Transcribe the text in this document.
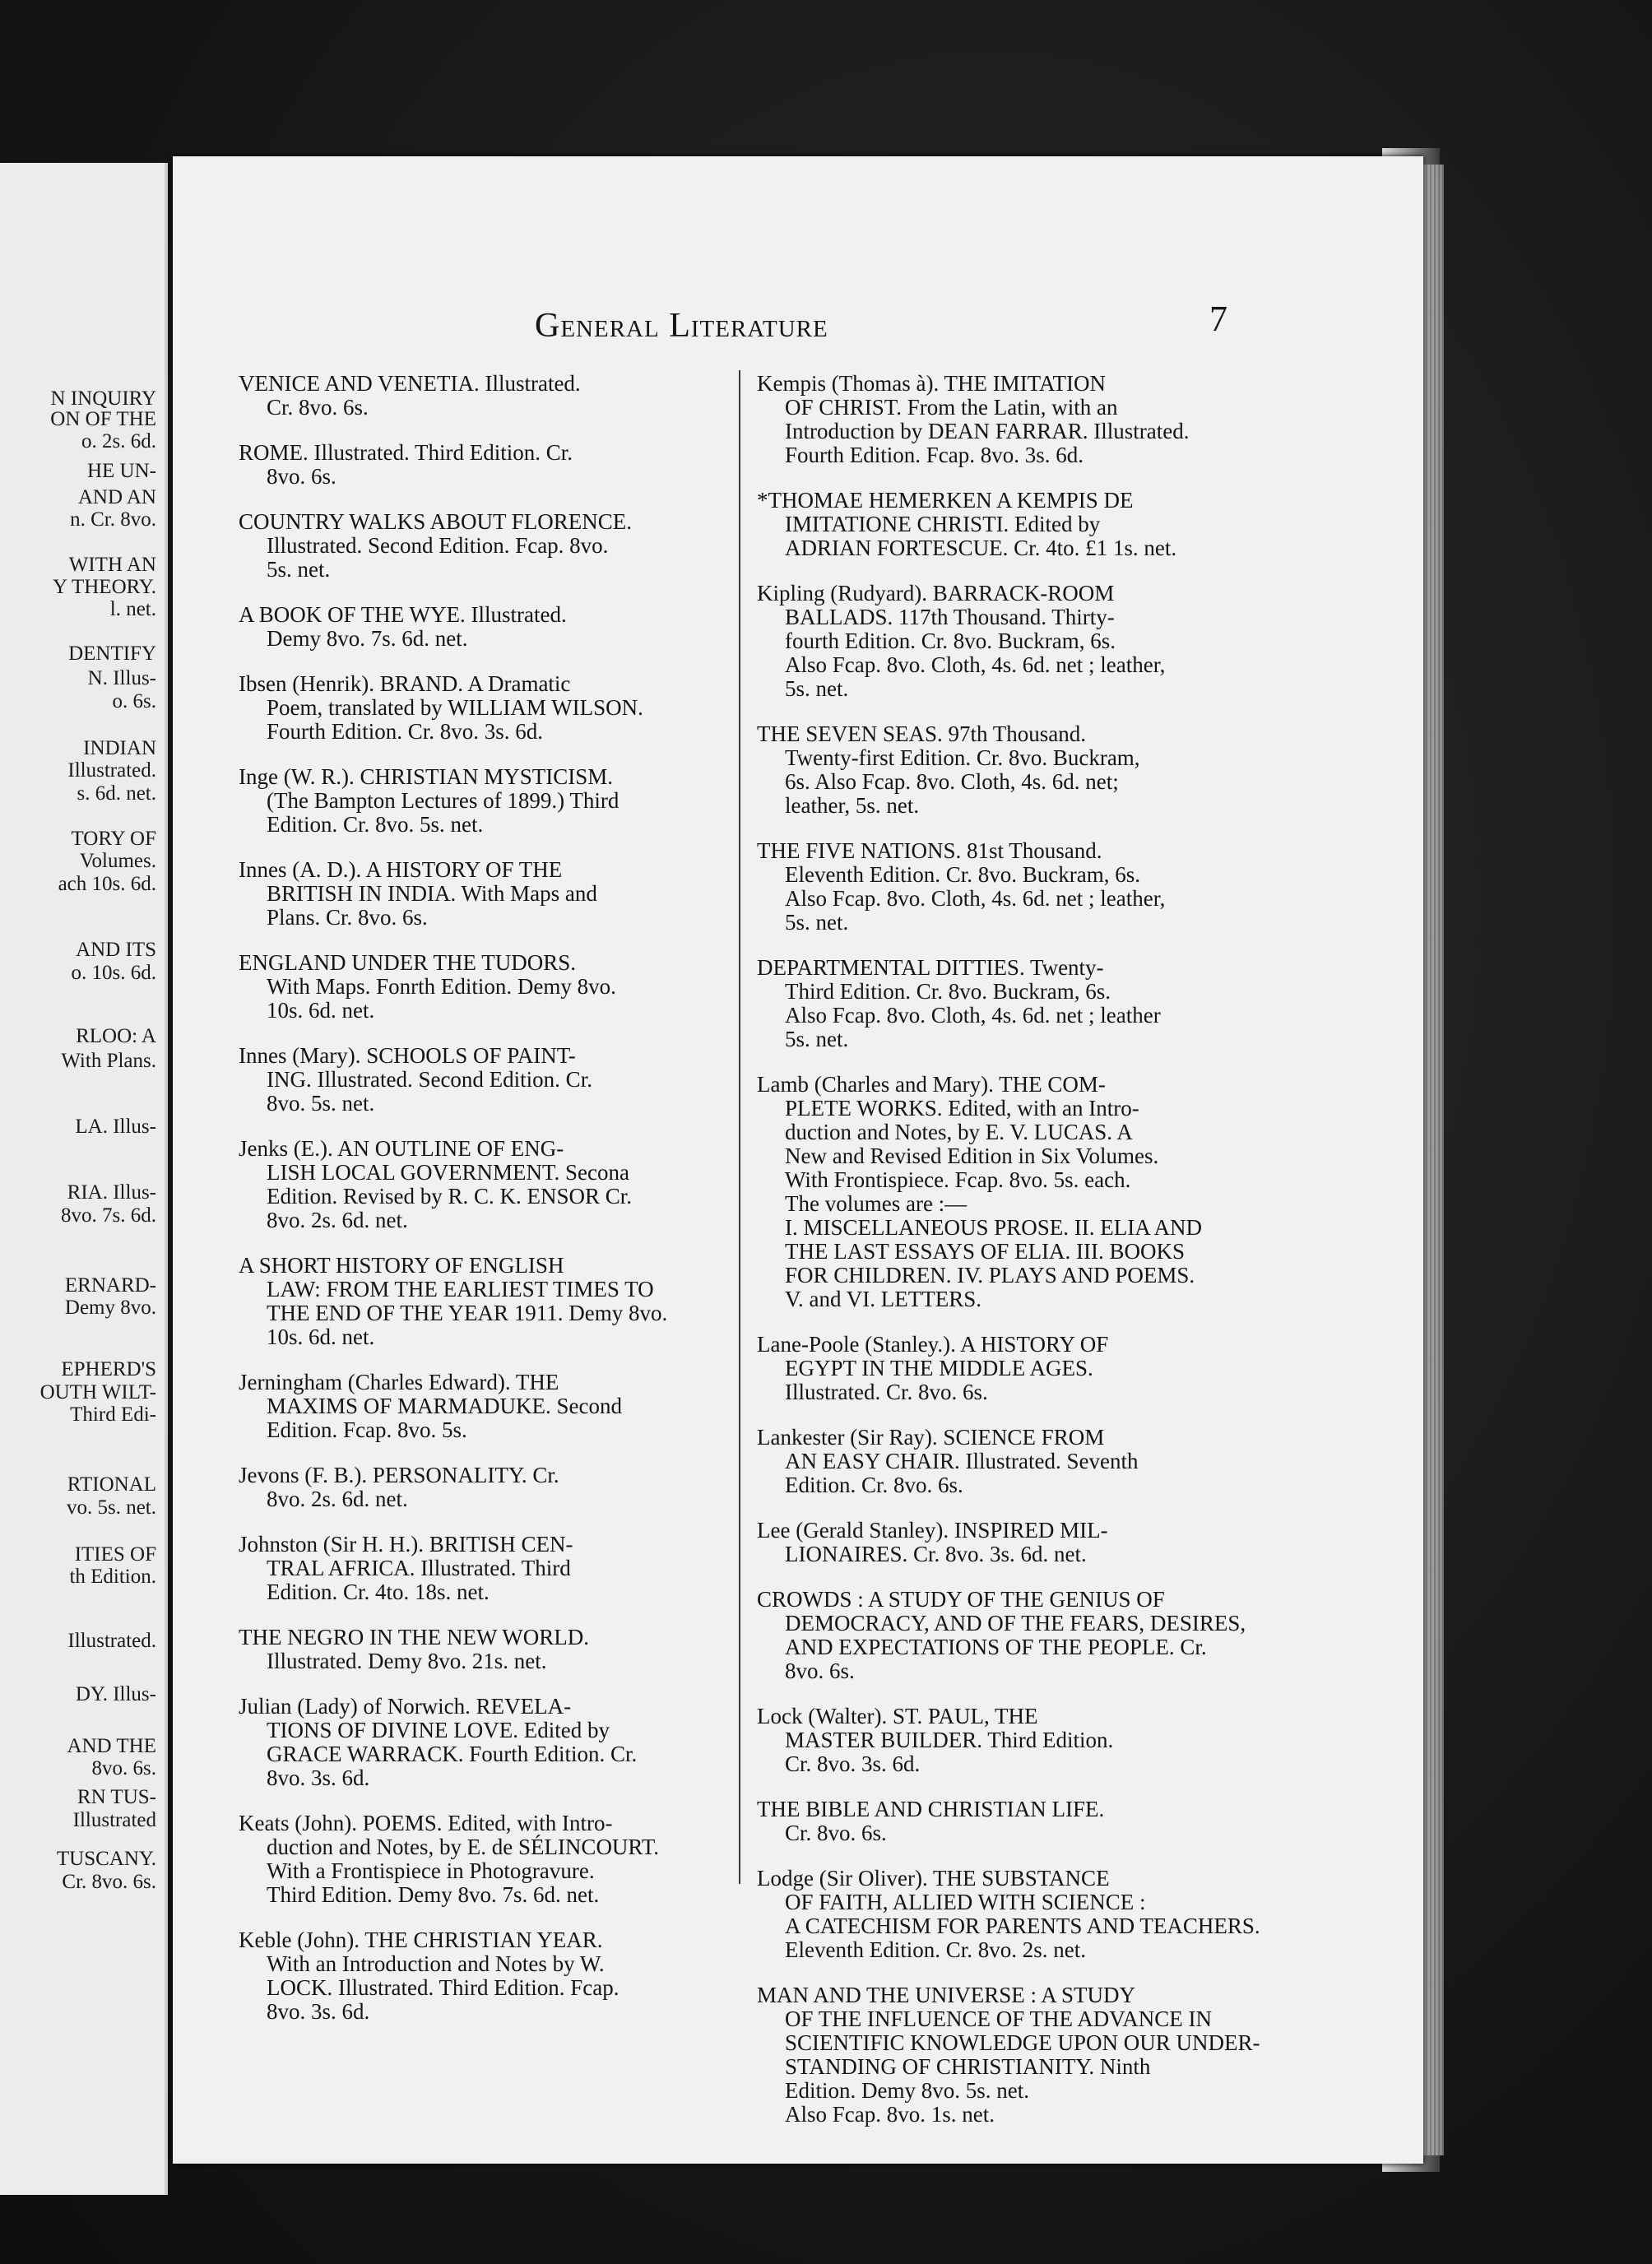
N INQUIRY
ON OF THE
o. 2s. 6d.
HE UN-
AND AN
n. Cr. 8vo.
WITH AN
Y THEORY.
l. net.
DENTIFY
N. Illus-
o. 6s.
INDIAN
Illustrated.
s. 6d. net.
TORY OF
Volumes.
ach 10s. 6d.
AND ITS
o. 10s. 6d.
RLOO: A
With Plans.
LA. Illus-
RIA. Illus-
8vo. 7s. 6d.
ERNARD-
Demy 8vo.
EPHERD'S
OUTH WILT-
Third Edi-
RTIONAL
vo. 5s. net.
ITIES OF
th Edition.
Illustrated.
DY. Illus-
AND THE
8vo. 6s.
RN TUS-
Illustrated
TUSCANY.
Cr. 8vo. 6s.
General Literature	7
VENICE AND VENETIA. Illustrated.
Cr. 8vo. 6s.
ROME. Illustrated. Third Edition. Cr.
8vo. 6s.
COUNTRY WALKS ABOUT FLORENCE.
Illustrated. Second Edition. Fcap. 8vo.
5s. net.
A BOOK OF THE WYE. Illustrated.
Demy 8vo. 7s. 6d. net.
Ibsen (Henrik). BRAND. A Dramatic
Poem, translated by WILLIAM WILSON.
Fourth Edition. Cr. 8vo. 3s. 6d.
Inge (W. R.). CHRISTIAN MYSTICISM.
(The Bampton Lectures of 1899.) Third
Edition. Cr. 8vo. 5s. net.
Innes (A. D.). A HISTORY OF THE
BRITISH IN INDIA. With Maps and
Plans. Cr. 8vo. 6s.
ENGLAND UNDER THE TUDORS.
With Maps. Fonrth Edition. Demy 8vo.
10s. 6d. net.
Innes (Mary). SCHOOLS OF PAINT-
ING. Illustrated. Second Edition. Cr.
8vo. 5s. net.
Jenks (E.). AN OUTLINE OF ENG-
LISH LOCAL GOVERNMENT. Secona
Edition. Revised by R. C. K. ENSOR Cr.
8vo. 2s. 6d. net.
A SHORT HISTORY OF ENGLISH
LAW: FROM THE EARLIEST TIMES TO
THE END OF THE YEAR 1911. Demy 8vo.
10s. 6d. net.
Jerningham (Charles Edward). THE
MAXIMS OF MARMADUKE. Second
Edition. Fcap. 8vo. 5s.
Jevons (F. B.). PERSONALITY. Cr.
8vo. 2s. 6d. net.
Johnston (Sir H. H.). BRITISH CEN-
TRAL AFRICA. Illustrated. Third
Edition. Cr. 4to. 18s. net.
THE NEGRO IN THE NEW WORLD.
Illustrated. Demy 8vo. 21s. net.
Julian (Lady) of Norwich. REVELA-
TIONS OF DIVINE LOVE. Edited by
GRACE WARRACK. Fourth Edition. Cr.
8vo. 3s. 6d.
Keats (John). POEMS. Edited, with Intro-
duction and Notes, by E. de SÉLINCOURT.
With a Frontispiece in Photogravure.
Third Edition. Demy 8vo. 7s. 6d. net.
Keble (John). THE CHRISTIAN YEAR.
With an Introduction and Notes by W.
LOCK. Illustrated. Third Edition. Fcap.
8vo. 3s. 6d.
Kempis (Thomas à). THE IMITATION
OF CHRIST. From the Latin, with an
Introduction by DEAN FARRAR. Illustrated.
Fourth Edition. Fcap. 8vo. 3s. 6d.
*THOMAE HEMERKEN A KEMPIS DE
IMITATIONE CHRISTI. Edited by
ADRIAN FORTESCUE. Cr. 4to. £1 1s. net.
Kipling (Rudyard). BARRACK-ROOM
BALLADS. 117th Thousand. Thirty-
fourth Edition. Cr. 8vo. Buckram, 6s.
Also Fcap. 8vo. Cloth, 4s. 6d. net ; leather,
5s. net.
THE SEVEN SEAS. 97th Thousand.
Twenty-first Edition. Cr. 8vo. Buckram,
6s. Also Fcap. 8vo. Cloth, 4s. 6d. net;
leather, 5s. net.
THE FIVE NATIONS. 81st Thousand.
Eleventh Edition. Cr. 8vo. Buckram, 6s.
Also Fcap. 8vo. Cloth, 4s. 6d. net ; leather,
5s. net.
DEPARTMENTAL DITTIES. Twenty-
Third Edition. Cr. 8vo. Buckram, 6s.
Also Fcap. 8vo. Cloth, 4s. 6d. net ; leather
5s. net.
Lamb (Charles and Mary). THE COM-
PLETE WORKS. Edited, with an Intro-
duction and Notes, by E. V. LUCAS. A
New and Revised Edition in Six Volumes.
With Frontispiece. Fcap. 8vo. 5s. each.
The volumes are :—
I. MISCELLANEOUS PROSE. II. ELIA AND
THE LAST ESSAYS OF ELIA. III. BOOKS
FOR CHILDREN. IV. PLAYS AND POEMS.
V. and VI. LETTERS.
Lane-Poole (Stanley.). A HISTORY OF
EGYPT IN THE MIDDLE AGES.
Illustrated. Cr. 8vo. 6s.
Lankester (Sir Ray). SCIENCE FROM
AN EASY CHAIR. Illustrated. Seventh
Edition. Cr. 8vo. 6s.
Lee (Gerald Stanley). INSPIRED MIL-
LIONAIRES. Cr. 8vo. 3s. 6d. net.
CROWDS : A STUDY OF THE GENIUS OF
DEMOCRACY, AND OF THE FEARS, DESIRES,
AND EXPECTATIONS OF THE PEOPLE. Cr.
8vo. 6s.
Lock (Walter). ST. PAUL, THE
MASTER BUILDER. Third Edition.
Cr. 8vo. 3s. 6d.
THE BIBLE AND CHRISTIAN LIFE.
Cr. 8vo. 6s.
Lodge (Sir Oliver). THE SUBSTANCE
OF FAITH, ALLIED WITH SCIENCE :
A CATECHISM FOR PARENTS AND TEACHERS.
Eleventh Edition. Cr. 8vo. 2s. net.
MAN AND THE UNIVERSE : A STUDY
OF THE INFLUENCE OF THE ADVANCE IN
SCIENTIFIC KNOWLEDGE UPON OUR UNDER-
STANDING OF CHRISTIANITY. Ninth
Edition. Demy 8vo. 5s. net.
Also Fcap. 8vo. 1s. net.
